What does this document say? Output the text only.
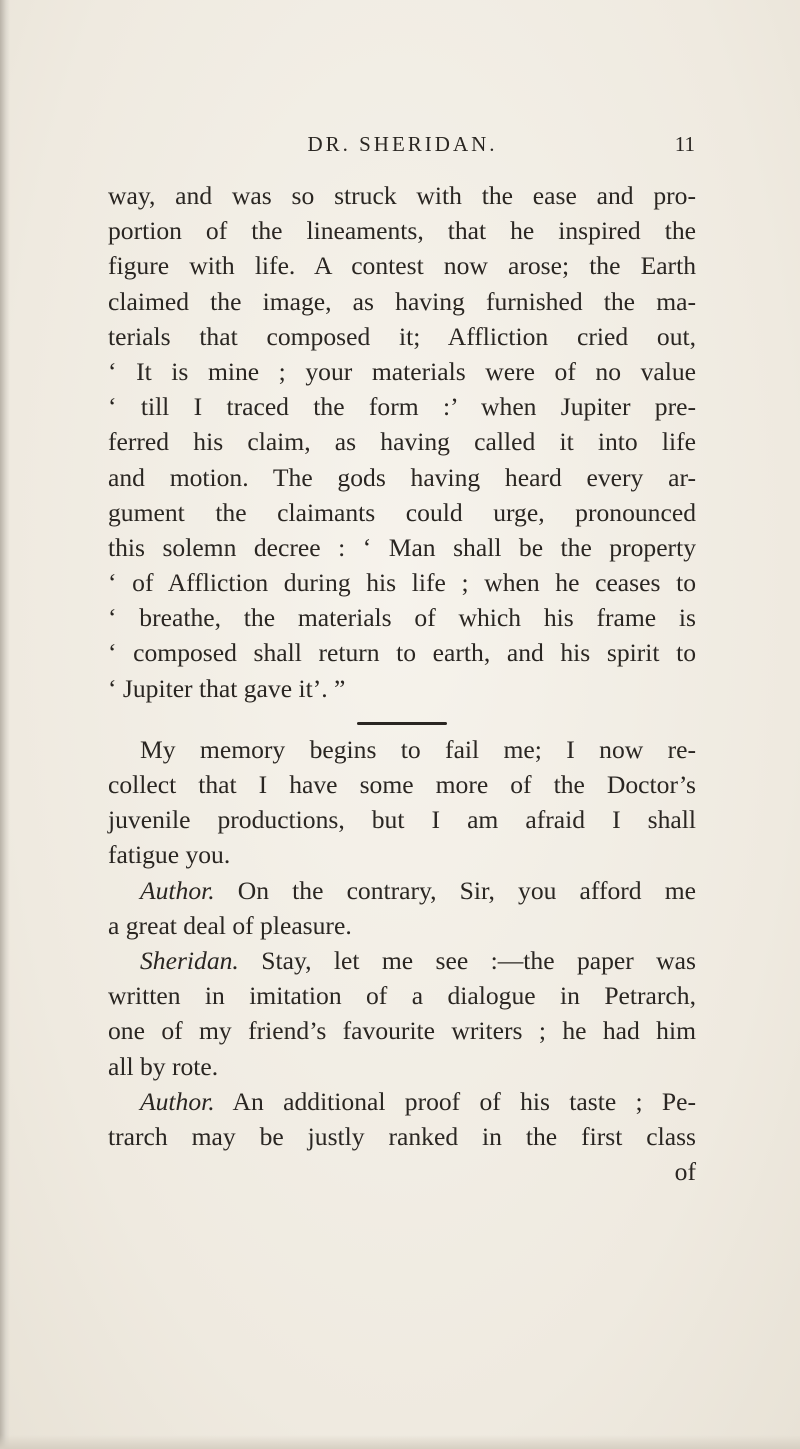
DR. SHERIDAN.	11
way, and was so struck with the ease and pro-
portion of the lineaments, that he inspired the
figure with life. A contest now arose; the Earth
claimed the image, as having furnished the ma-
terials that composed it; Affliction cried out,
‘ It is mine ; your materials were of no value
‘ till I traced the form :’ when Jupiter pre-
ferred his claim, as having called it into life
and motion. The gods having heard every ar-
gument the claimants could urge, pronounced
this solemn decree : ‘ Man shall be the property
‘ of Affliction during his life ; when he ceases to
‘ breathe, the materials of which his frame is
‘ composed shall return to earth, and his spirit to
‘ Jupiter that gave it’. ”
My memory begins to fail me; I now re-
collect that I have some more of the Doctor’s
juvenile productions, but I am afraid I shall
fatigue you.
Author. On the contrary, Sir, you afford me
a great deal of pleasure.
Sheridan. Stay, let me see :—the paper was
written in imitation of a dialogue in Petrarch,
one of my friend’s favourite writers ; he had him
all by rote.
Author. An additional proof of his taste ; Pe-
trarch may be justly ranked in the first class
of
